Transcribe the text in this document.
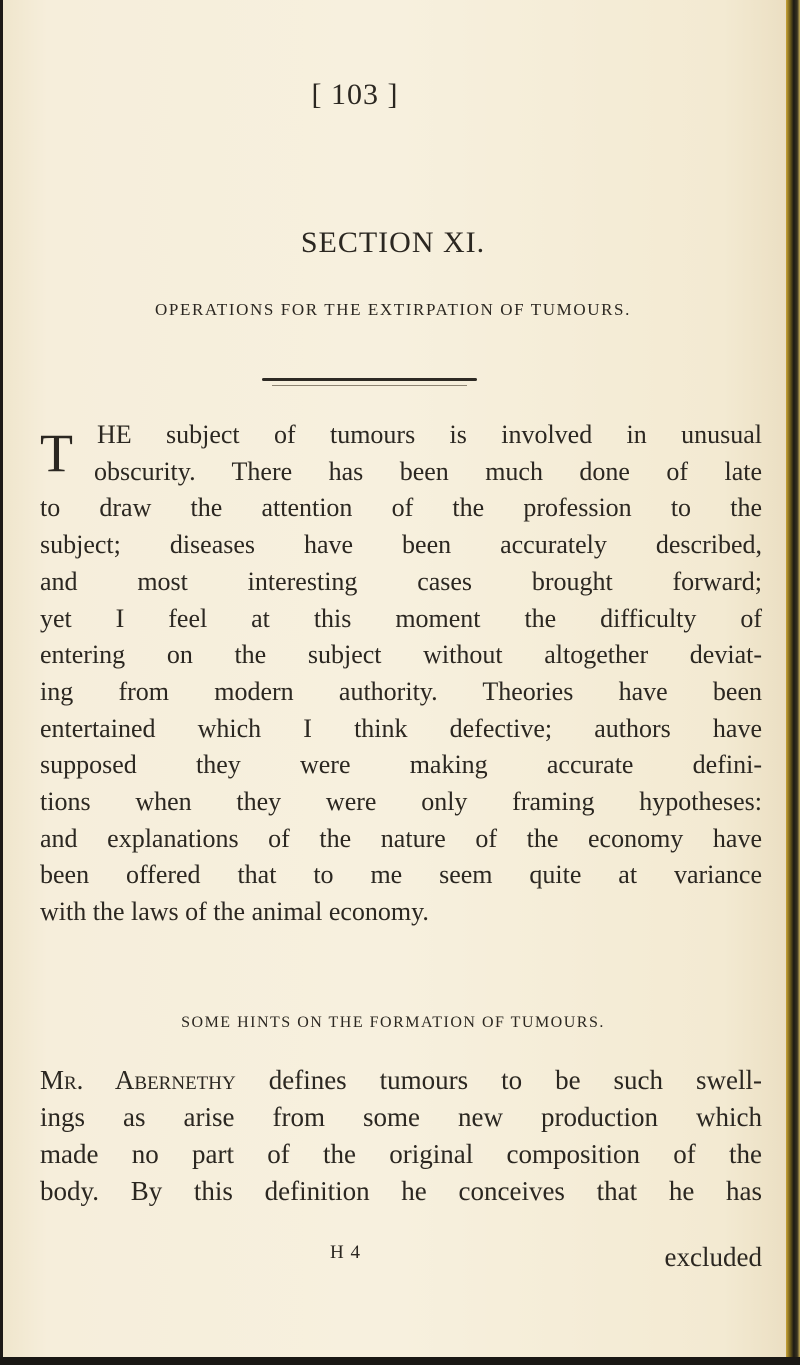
[ 103 ]
SECTION XI.
OPERATIONS FOR THE EXTIRPATION OF TUMOURS.
T HE subject of tumours is involved in unusual
obscurity. There has been much done of late
to draw the attention of the profession to the
subject; diseases have been accurately described,
and most interesting cases brought forward;
yet I feel at this moment the difficulty of
entering on the subject without altogether deviat-
ing from modern authority. Theories have been
entertained which I think defective; authors have
supposed they were making accurate defini-
tions when they were only framing hypotheses:
and explanations of the nature of the economy have
been offered that to me seem quite at variance
with the laws of the animal economy.
SOME HINTS ON THE FORMATION OF TUMOURS.
Mr. Abernethy defines tumours to be such swell-
ings as arise from some new production which
made no part of the original composition of the
body. By this definition he conceives that he has
H 4	excluded
